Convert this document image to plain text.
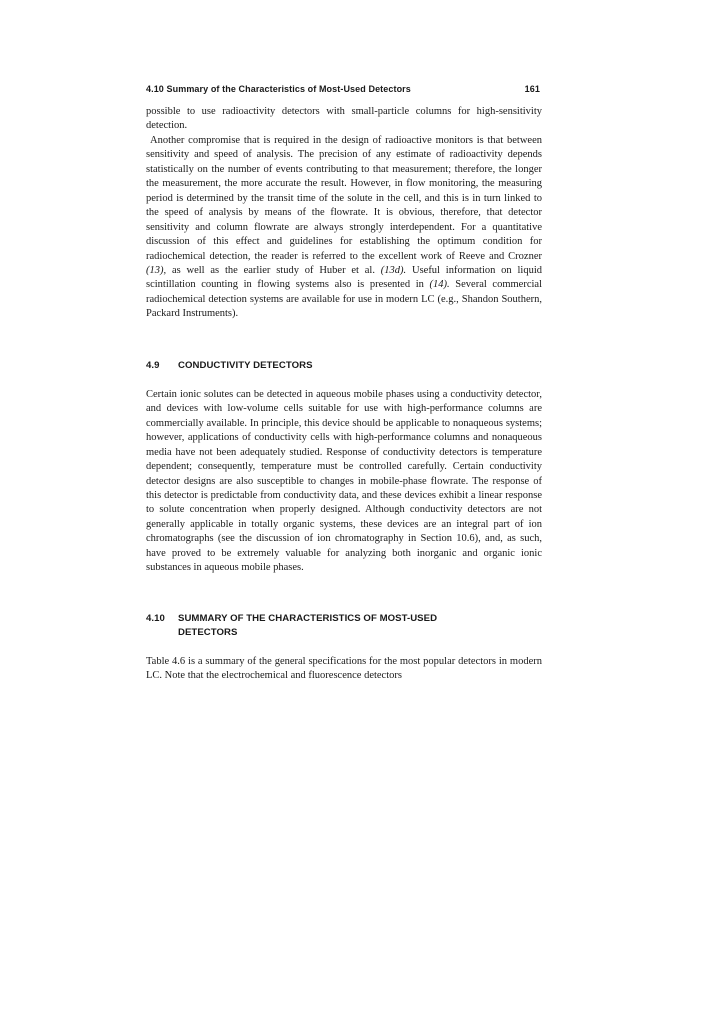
4.10 Summary of the Characteristics of Most-Used Detectors	161

possible to use radioactivity detectors with small-particle columns for high-sensitivity detection.

Another compromise that is required in the design of radioactive monitors is that between sensitivity and speed of analysis. The precision of any estimate of radioactivity depends statistically on the number of events contributing to that measurement; therefore, the longer the measurement, the more accurate the result. However, in flow monitoring, the measuring period is determined by the transit time of the solute in the cell, and this is in turn linked to the speed of analysis by means of the flowrate. It is obvious, therefore, that detector sensitivity and column flowrate are always strongly interdependent. For a quantitative discussion of this effect and guidelines for establishing the optimum condition for radiochemical detection, the reader is referred to the excellent work of Reeve and Crozner (13), as well as the earlier study of Huber et al. (13d). Useful information on liquid scintillation counting in flowing systems also is presented in (14). Several commercial radiochemical detection systems are available for use in modern LC (e.g., Shandon Southern, Packard Instruments).

4.9 CONDUCTIVITY DETECTORS

Certain ionic solutes can be detected in aqueous mobile phases using a conductivity detector, and devices with low-volume cells suitable for use with high-performance columns are commercially available. In principle, this device should be applicable to nonaqueous systems; however, applications of conductivity cells with high-performance columns and nonaqueous media have not been adequately studied. Response of conductivity detectors is temperature dependent; consequently, temperature must be controlled carefully. Certain conductivity detector designs are also susceptible to changes in mobile-phase flowrate. The response of this detector is predictable from conductivity data, and these devices exhibit a linear response to solute concentration when properly designed. Although conductivity detectors are not generally applicable in totally organic systems, these devices are an integral part of ion chromatographs (see the discussion of ion chromatography in Section 10.6), and, as such, have proved to be extremely valuable for analyzing both inorganic and organic ionic substances in aqueous mobile phases.

4.10 SUMMARY OF THE CHARACTERISTICS OF MOST-USED
DETECTORS

Table 4.6 is a summary of the general specifications for the most popular detectors in modern LC. Note that the electrochemical and fluorescence detectors
